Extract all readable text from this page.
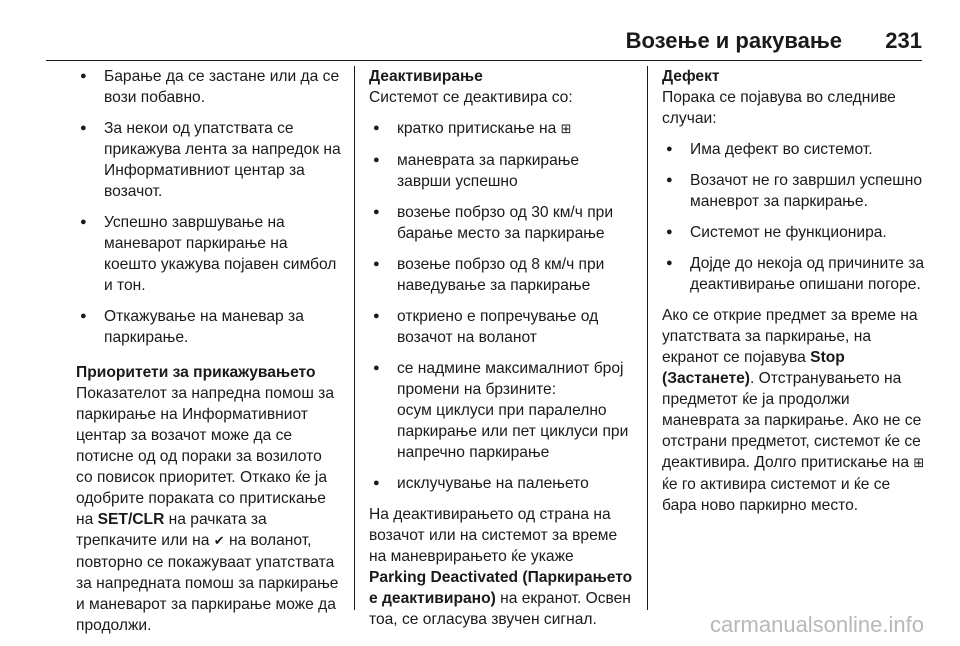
Возење и ракување 231
● Барање да се застане или да се вози побавно.
● За некои од упатствата се прикажува лента за напредок на Информативниот центар за возачот.
● Успешно завршување на маневарот паркирање на коешто укажува појавен симбол и тон.
● Откажување на маневар за паркирање.

Приоритети за прикажувањето
Показателот за напредна помош за паркирање на Информативниот центар за возачот може да се потисне од од пораки за возилото со повисок приоритет. Откако ќе ја одобрите пораката со притискање на SET/CLR на рачката за трепкачите или на ✔ на воланот, повторно се покажуваат упатствата за напредната помош за паркирање и маневарот за паркирање може да продолжи.

Деактивирање
Системот се деактивира со:

● кратко притискање на ⊞
● маневрата за паркирање заврши успешно
● возење побрзо од 30 км/ч при барање место за паркирање
● возење побрзо од 8 км/ч при наведување за паркирање
● откриено е попречување од возачот на воланот
● се надмине максималниот број промени на брзините:
осум циклуси при паралелно паркирање или пет циклуси при напречно паркирање
● исклучување на палењето

На деактивирањето од страна на возачот или на системот за време на маневрирањето ќе укаже Parking Deactivated (Паркирањето е деактивирано) на екранот. Освен тоа, се огласува звучен сигнал.

Дефект
Порака се појавува во следниве случаи:

● Има дефект во системот.
● Возачот не го завршил успешно маневрот за паркирање.
● Системот не функционира.
● Дојде до некоја од причините за деактивирање опишани погоре.

Ако се открие предмет за време на упатствата за паркирање, на екранот се појавува Stop (Застанете). Отстранувањето на предметот ќе ја продолжи маневрата за паркирање. Ако не се отстрани предметот, системот ќе се деактивира. Долго притискање на ⊞ ќе го активира системот и ќе се бара ново паркирно место.

carmanualsonline.info
